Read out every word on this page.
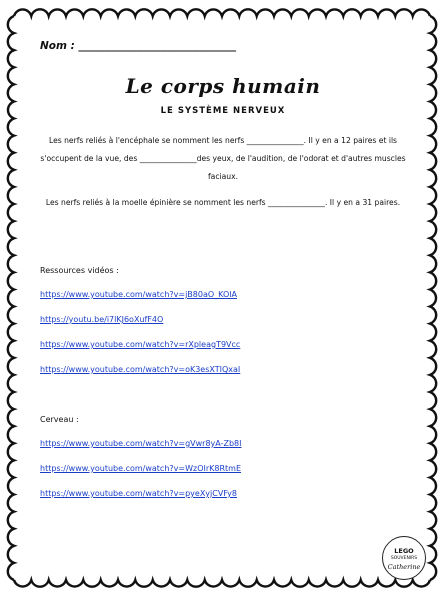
Nom : ______________________________
Le corps humain
LE SYSTÈME NERVEUX
Les nerfs reliés à l'encéphale se nomment les nerfs _______________. Il y en a 12 paires et ils s'occupent de la vue, des _______________des yeux, de l'audition, de l'odorat et d'autres muscles faciaux.
Les nerfs reliés à la moelle épinière se nomment les nerfs _______________. Il y en a 31 paires.
Ressources vidéos :
https://www.youtube.com/watch?v=jB80aO_KOlA
https://youtu.be/i7lKJ6oXufF4O
https://www.youtube.com/watch?v=rXpleagT9Vcc
https://www.youtube.com/watch?v=oK3esXTIQxaI
Cerveau :
https://www.youtube.com/watch?v=gVwr8yA-Zb8I
https://www.youtube.com/watch?v=WzOIrK8RtmE
https://www.youtube.com/watch?v=pyeXyjCVFy8
LEGO
SOUVENIRS
Catherine
